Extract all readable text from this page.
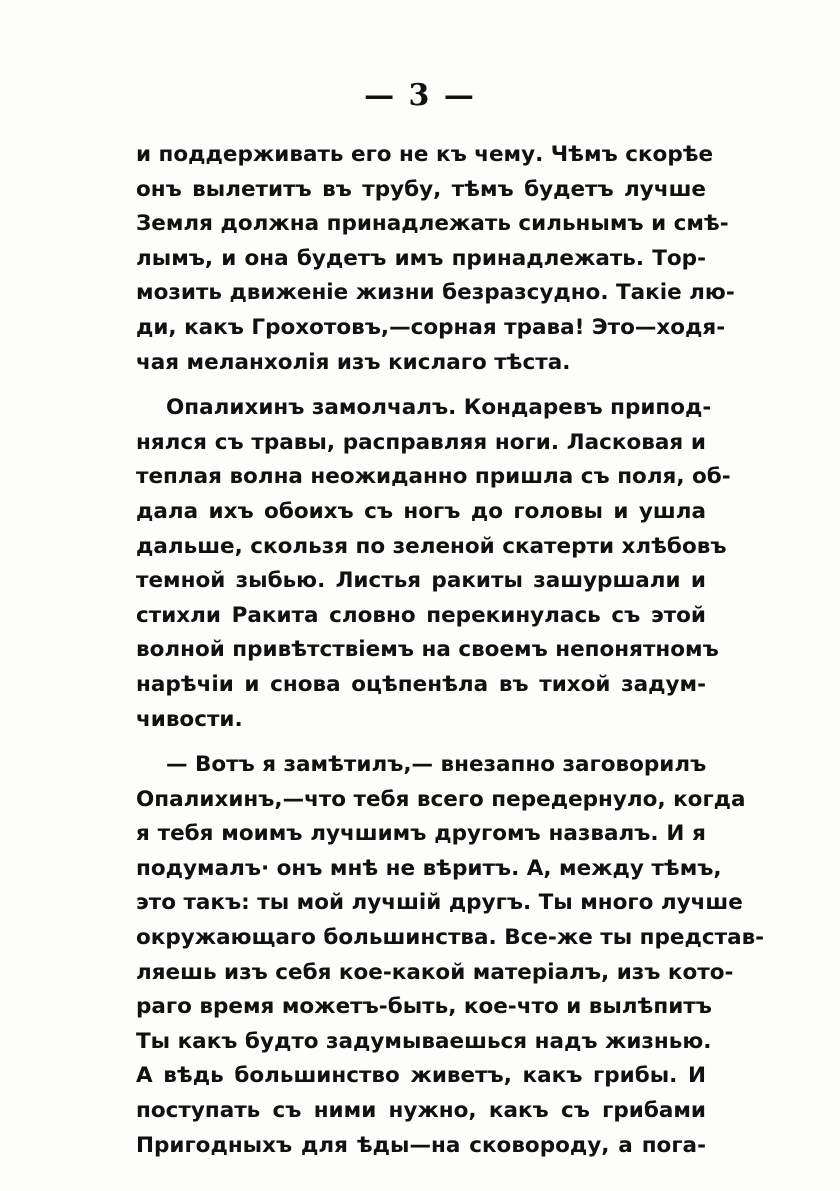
— 3 —
и поддерживать его не къ чему. Чѣмъ скорѣе
онъ вылетитъ въ трубу, тѣмъ будетъ лучше
Земля должна принадлежать сильнымъ и смѣ-
лымъ, и она будетъ имъ принадлежать. Тор-
мозить движенiе жизни безразсудно. Такiе лю-
ди, какъ Грохотовъ,—сорная трава! Это—ходя-
чая меланхолiя изъ кислаго тѣста.
Опалихинъ замолчалъ. Кондаревъ припод-
нялся съ травы, расправляя ноги. Ласковая и
теплая волна неожиданно пришла съ поля, об-
дала ихъ обоихъ съ ногъ до головы и ушла
дальше, скользя по зеленой скатерти хлѣбовъ
темной зыбью. Листья ракиты зашуршали и
стихли Ракита словно перекинулась съ этой
волной привѣтствiемъ на своемъ непонятномъ
нарѣчiи и снова оцѣпенѣла въ тихой задум-
чивости.
— Вотъ я замѣтилъ,— внезапно заговорилъ
Опалихинъ,—что тебя всего передернуло, когда
я тебя моимъ лучшимъ другомъ назвалъ. И я
подумалъ· онъ мнѣ не вѣритъ. А, между тѣмъ,
это такъ: ты мой лучшiй другъ. Ты много лучше
окружающаго большинства. Все-же ты представ-
ляешь изъ себя кое-какой матерiалъ, изъ кото-
раго время можетъ-быть, кое-что и вылѣпитъ
Ты какъ будто задумываешься надъ жизнью.
А вѣдь большинство живетъ, какъ грибы. И
поступать съ ними нужно, какъ съ грибами
Пригодныхъ для ѣды—на сковороду, а пога-
